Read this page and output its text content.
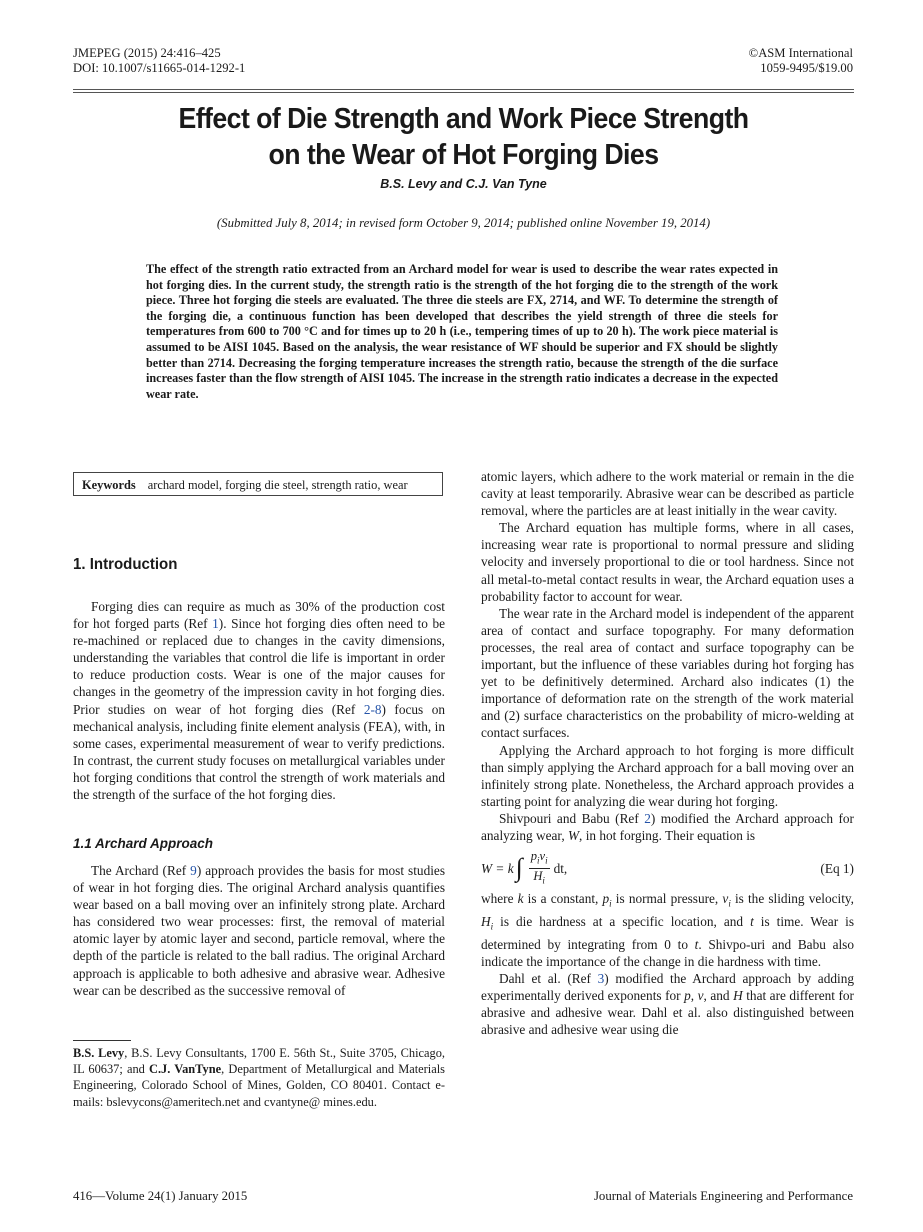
JMEPEG (2015) 24:416–425
DOI: 10.1007/s11665-014-1292-1
©ASM International
1059-9495/$19.00
Effect of Die Strength and Work Piece Strength
on the Wear of Hot Forging Dies
B.S. Levy and C.J. Van Tyne
(Submitted July 8, 2014; in revised form October 9, 2014; published online November 19, 2014)
The effect of the strength ratio extracted from an Archard model for wear is used to describe the wear rates expected in hot forging dies. In the current study, the strength ratio is the strength of the hot forging die to the strength of the work piece. Three hot forging die steels are evaluated. The three die steels are FX, 2714, and WF. To determine the strength of the forging die, a continuous function has been developed that describes the yield strength of three die steels for temperatures from 600 to 700 °C and for times up to 20 h (i.e., tempering times of up to 20 h). The work piece material is assumed to be AISI 1045. Based on the analysis, the wear resistance of WF should be superior and FX should be slightly better than 2714. Decreasing the forging temperature increases the strength ratio, because the strength of the die surface increases faster than the flow strength of AISI 1045. The increase in the strength ratio indicates a decrease in the expected wear rate.
Keywords archard model, forging die steel, strength ratio, wear
1. Introduction

Forging dies can require as much as 30% of the production cost for hot forged parts (Ref 1). Since hot forging dies often need to be re-machined or replaced due to changes in the cavity dimensions, understanding the variables that control die life is important in order to reduce production costs. Wear is one of the major causes for changes in the geometry of the impression cavity in hot forging dies. Prior studies on wear of hot forging dies (Ref 2-8) focus on mechanical analysis, including finite element analysis (FEA), with, in some cases, experimental measurement of wear to verify predictions. In contrast, the current study focuses on metallurgical variables under hot forging conditions that control the strength of work materials and the strength of the surface of the hot forging dies.

1.1 Archard Approach

The Archard (Ref 9) approach provides the basis for most studies of wear in hot forging dies. The original Archard analysis quantifies wear based on a ball moving over an infinitely strong plate. Archard has considered two wear processes: first, the removal of material atomic layer by atomic layer and second, particle removal, where the depth of the particle is related to the ball radius. The original Archard approach is applicable to both adhesive and abrasive wear. Adhesive wear can be described as the successive removal of

B.S. Levy, B.S. Levy Consultants, 1700 E. 56th St., Suite 3705, Chicago, IL 60637; and C.J. VanTyne, Department of Metallurgical and Materials Engineering, Colorado School of Mines, Golden, CO 80401. Contact e-mails: bslevycons@ameritech.net and cvantyne@ mines.edu.

atomic layers, which adhere to the work material or remain in the die cavity at least temporarily. Abrasive wear can be described as particle removal, where the particles are at least initially in the wear cavity.

The Archard equation has multiple forms, where in all cases, increasing wear rate is proportional to normal pressure and sliding velocity and inversely proportional to die or tool hardness. Since not all metal-to-metal contact results in wear, the Archard equation uses a probability factor to account for wear.

The wear rate in the Archard model is independent of the apparent area of contact and surface topography. For many deformation processes, the real area of contact and surface topography can be important, but the influence of these variables during hot forging has yet to be definitively determined. Archard also indicates (1) the importance of deformation rate on the strength of the work material and (2) surface characteristics on the probability of micro-welding at contact surfaces.

Applying the Archard approach to hot forging is more difficult than simply applying the Archard approach for a ball moving over an infinitely strong plate. Nonetheless, the Archard approach provides a starting point for analyzing die wear during hot forging.

Shivpouri and Babu (Ref 2) modified the Archard approach for analyzing wear, W, in hot forging. Their equation is

W = k ∫ $\frac{p_iv_i}{H_i}$ dt,	(Eq 1)

where k is a constant, $p_i$ is normal pressure, $v_i$ is the sliding velocity, $H_i$ is die hardness at a specific location, and t is time. Wear is determined by integrating from 0 to t. Shivpo-uri and Babu also indicate the importance of the change in die hardness with time.

Dahl et al. (Ref 3) modified the Archard approach by adding experimentally derived exponents for p, v, and H that are different for abrasive and adhesive wear. Dahl et al. also distinguished between abrasive and adhesive wear using die

416—Volume 24(1) January 2015	Journal of Materials Engineering and Performance
